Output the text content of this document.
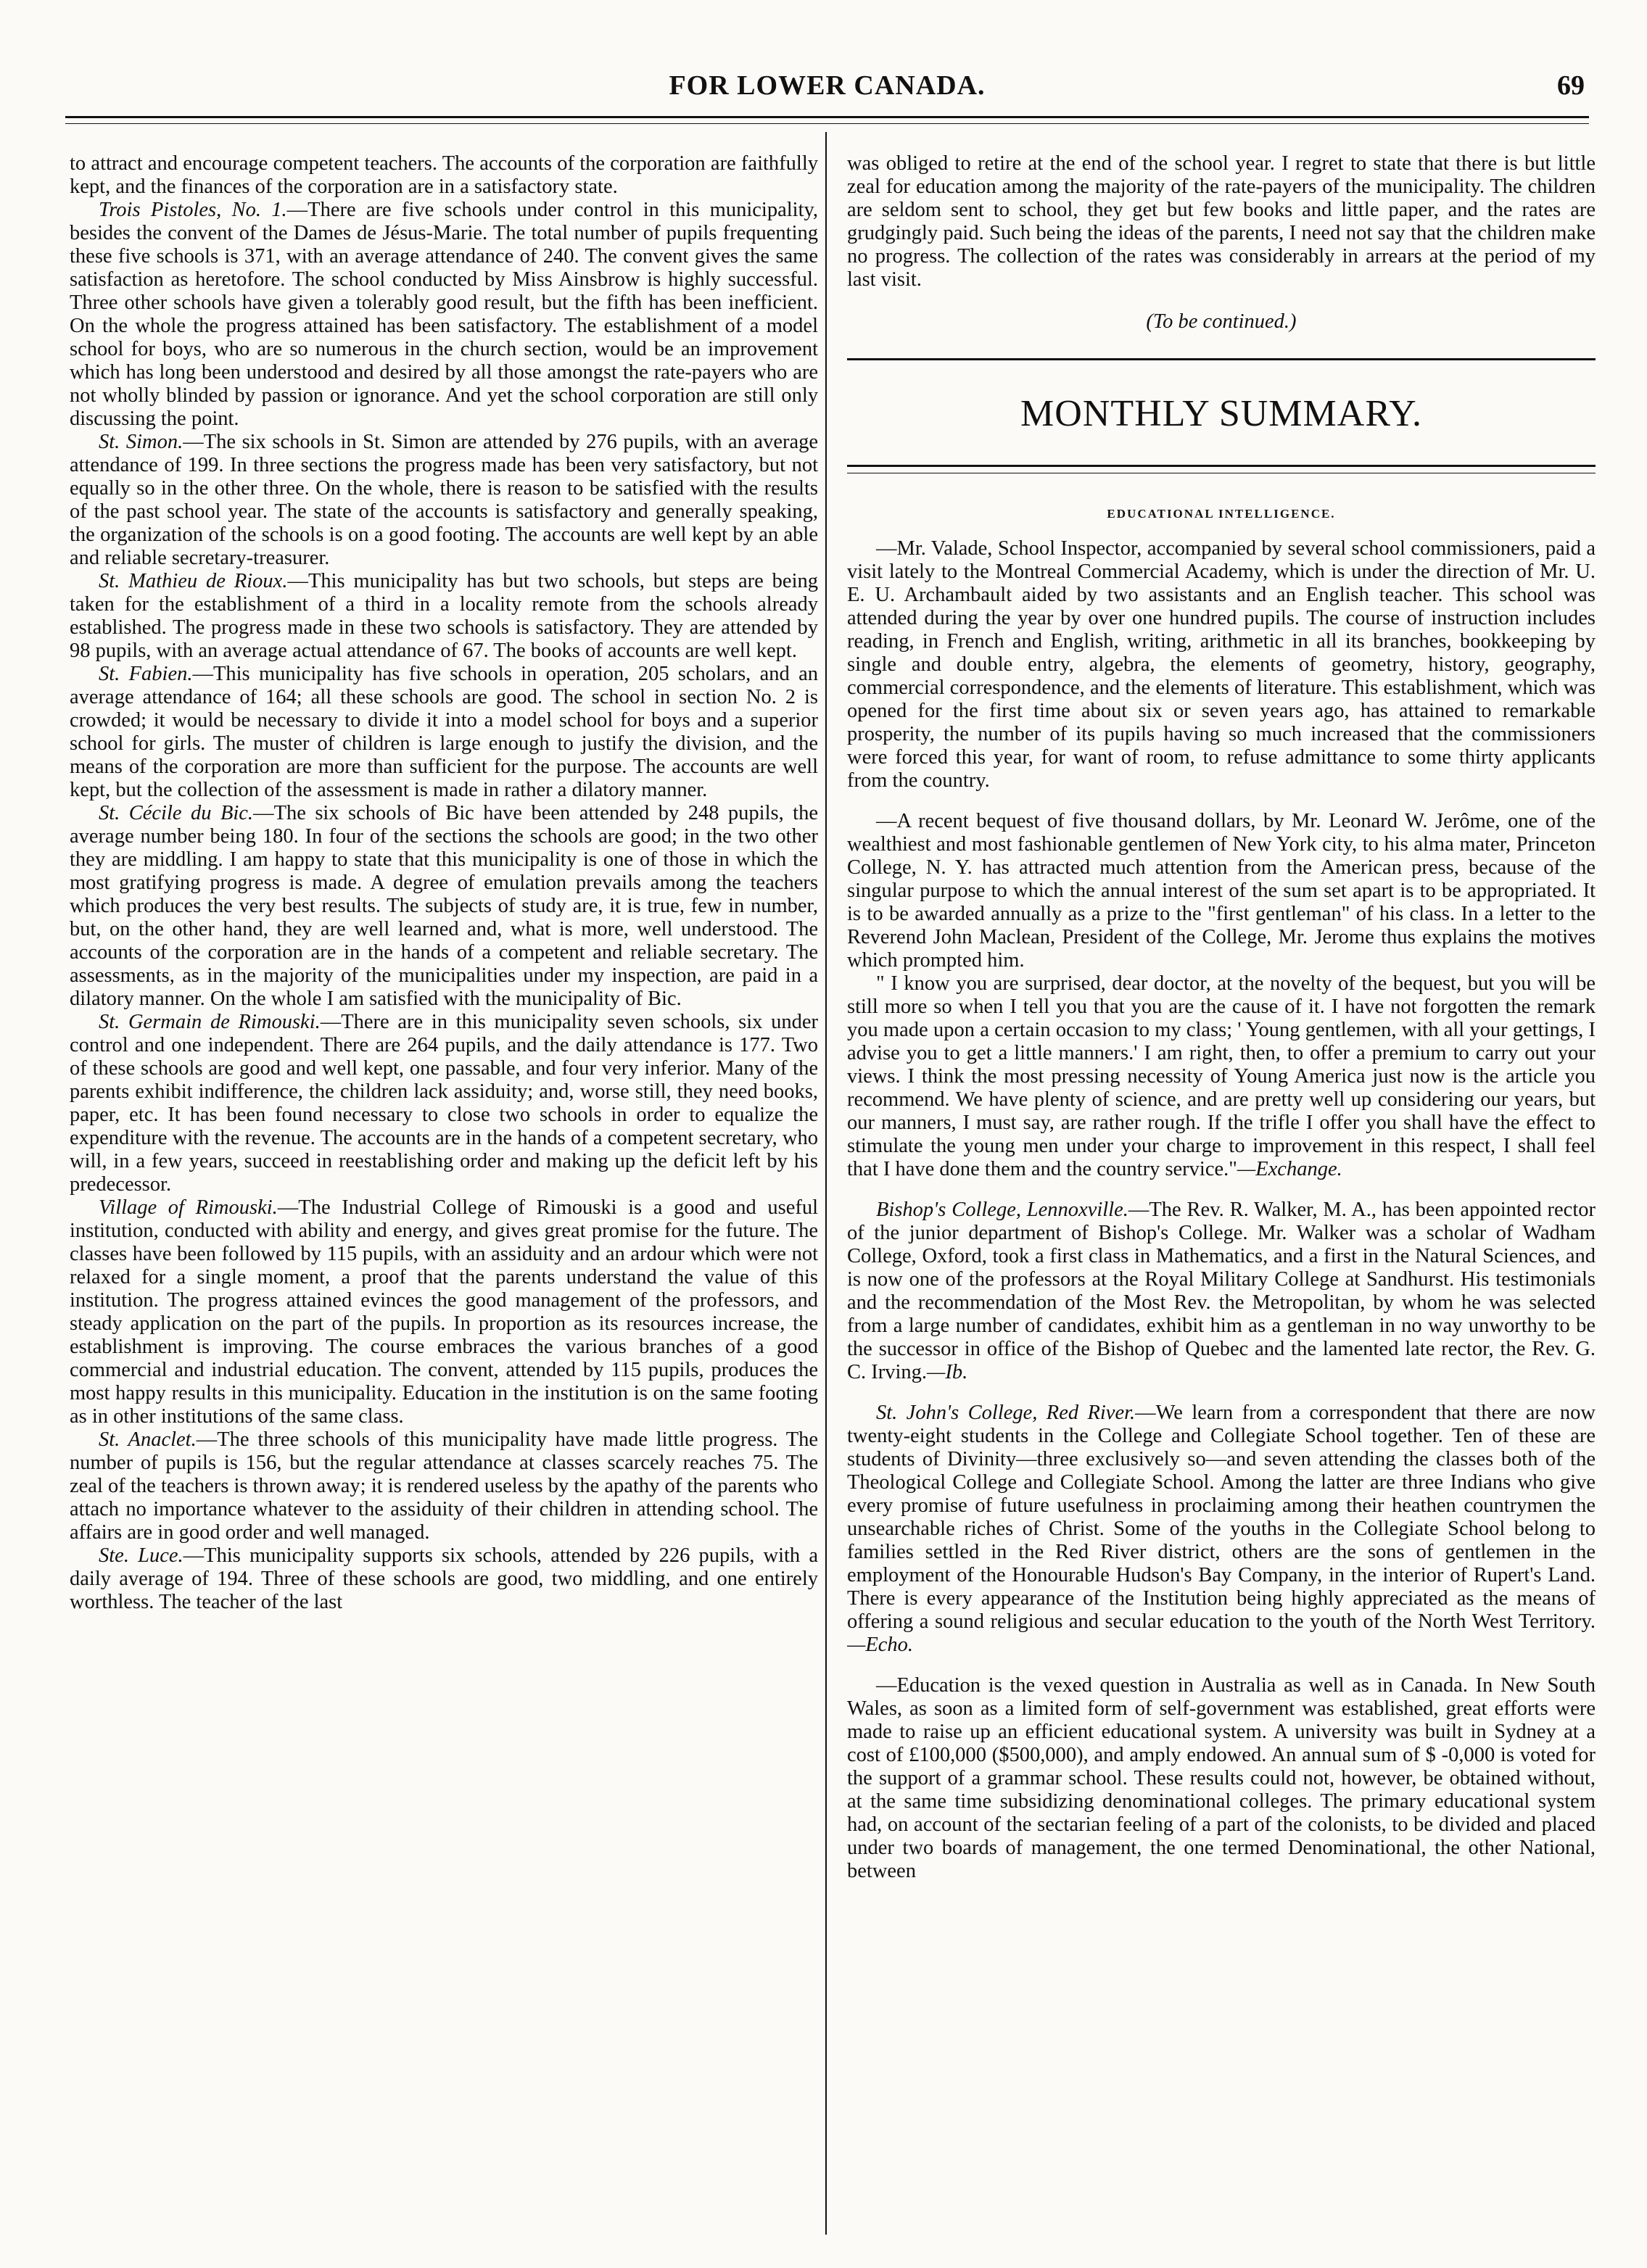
FOR LOWER CANADA.	69

to attract and encourage competent teachers. The accounts of the corporation are faithfully kept, and the finances of the corporation are in a satisfactory state.

Trois Pistoles, No. 1.—There are five schools under control in this municipality, besides the convent of the Dames de Jésus-Marie. The total number of pupils frequenting these five schools is 371, with an average attendance of 240. The convent gives the same satisfaction as heretofore. The school conducted by Miss Ainsbrow is highly successful. Three other schools have given a tolerably good result, but the fifth has been inefficient. On the whole the progress attained has been satisfactory. The establishment of a model school for boys, who are so numerous in the church section, would be an improvement which has long been understood and desired by all those amongst the rate-payers who are not wholly blinded by passion or ignorance. And yet the school corporation are still only discussing the point.

St. Simon.—The six schools in St. Simon are attended by 276 pupils, with an average attendance of 199. In three sections the progress made has been very satisfactory, but not equally so in the other three. On the whole, there is reason to be satisfied with the results of the past school year. The state of the accounts is satisfactory and generally speaking, the organization of the schools is on a good footing. The accounts are well kept by an able and reliable secretary-treasurer.

St. Mathieu de Rioux.—This municipality has but two schools, but steps are being taken for the establishment of a third in a locality remote from the schools already established. The progress made in these two schools is satisfactory. They are attended by 98 pupils, with an average actual attendance of 67. The books of accounts are well kept.

St. Fabien.—This municipality has five schools in operation, 205 scholars, and an average attendance of 164; all these schools are good. The school in section No. 2 is crowded; it would be necessary to divide it into a model school for boys and a superior school for girls. The muster of children is large enough to justify the division, and the means of the corporation are more than sufficient for the purpose. The accounts are well kept, but the collection of the assessment is made in rather a dilatory manner.

St. Cécile du Bic.—The six schools of Bic have been attended by 248 pupils, the average number being 180. In four of the sections the schools are good; in the two other they are middling. I am happy to state that this municipality is one of those in which the most gratifying progress is made. A degree of emulation prevails among the teachers which produces the very best results. The subjects of study are, it is true, few in number, but, on the other hand, they are well learned and, what is more, well understood. The accounts of the corporation are in the hands of a competent and reliable secretary. The assessments, as in the majority of the municipalities under my inspection, are paid in a dilatory manner. On the whole I am satisfied with the municipality of Bic.

St. Germain de Rimouski.—There are in this municipality seven schools, six under control and one independent. There are 264 pupils, and the daily attendance is 177. Two of these schools are good and well kept, one passable, and four very inferior. Many of the parents exhibit indifference, the children lack assiduity; and, worse still, they need books, paper, etc. It has been found necessary to close two schools in order to equalize the expenditure with the revenue. The accounts are in the hands of a competent secretary, who will, in a few years, succeed in reestablishing order and making up the deficit left by his predecessor.

Village of Rimouski.—The Industrial College of Rimouski is a good and useful institution, conducted with ability and energy, and gives great promise for the future. The classes have been followed by 115 pupils, with an assiduity and an ardour which were not relaxed for a single moment, a proof that the parents understand the value of this institution. The progress attained evinces the good management of the professors, and steady application on the part of the pupils. In proportion as its resources increase, the establishment is improving. The course embraces the various branches of a good commercial and industrial education. The convent, attended by 115 pupils, produces the most happy results in this municipality. Education in the institution is on the same footing as in other institutions of the same class.

St. Anaclet.—The three schools of this municipality have made little progress. The number of pupils is 156, but the regular attendance at classes scarcely reaches 75. The zeal of the teachers is thrown away; it is rendered useless by the apathy of the parents who attach no importance whatever to the assiduity of their children in attending school. The affairs are in good order and well managed.

Ste. Luce.—This municipality supports six schools, attended by 226 pupils, with a daily average of 194. Three of these schools are good, two middling, and one entirely worthless. The teacher of the last

was obliged to retire at the end of the school year. I regret to state that there is but little zeal for education among the majority of the rate-payers of the municipality. The children are seldom sent to school, they get but few books and little paper, and the rates are grudgingly paid. Such being the ideas of the parents, I need not say that the children make no progress. The collection of the rates was considerably in arrears at the period of my last visit.

(To be continued.)

MONTHLY SUMMARY.
EDUCATIONAL INTELLIGENCE.

—Mr. Valade, School Inspector, accompanied by several school commissioners, paid a visit lately to the Montreal Commercial Academy, which is under the direction of Mr. U. E. U. Archambault aided by two assistants and an English teacher. This school was attended during the year by over one hundred pupils. The course of instruction includes reading, in French and English, writing, arithmetic in all its branches, bookkeeping by single and double entry, algebra, the elements of geometry, history, geography, commercial correspondence, and the elements of literature. This establishment, which was opened for the first time about six or seven years ago, has attained to remarkable prosperity, the number of its pupils having so much increased that the commissioners were forced this year, for want of room, to refuse admittance to some thirty applicants from the country.

—A recent bequest of five thousand dollars, by Mr. Leonard W. Jerôme, one of the wealthiest and most fashionable gentlemen of New York city, to his alma mater, Princeton College, N. Y. has attracted much attention from the American press, because of the singular purpose to which the annual interest of the sum set apart is to be appropriated. It is to be awarded annually as a prize to the "first gentleman" of his class. In a letter to the Reverend John Maclean, President of the College, Mr. Jerome thus explains the motives which prompted him.

" I know you are surprised, dear doctor, at the novelty of the bequest, but you will be still more so when I tell you that you are the cause of it. I have not forgotten the remark you made upon a certain occasion to my class; ' Young gentlemen, with all your gettings, I advise you to get a little manners.' I am right, then, to offer a premium to carry out your views. I think the most pressing necessity of Young America just now is the article you recommend. We have plenty of science, and are pretty well up considering our years, but our manners, I must say, are rather rough. If the trifle I offer you shall have the effect to stimulate the young men under your charge to improvement in this respect, I shall feel that I have done them and the country service."—Exchange.

Bishop's College, Lennoxville.—The Rev. R. Walker, M. A., has been appointed rector of the junior department of Bishop's College. Mr. Walker was a scholar of Wadham College, Oxford, took a first class in Mathematics, and a first in the Natural Sciences, and is now one of the professors at the Royal Military College at Sandhurst. His testimonials and the recommendation of the Most Rev. the Metropolitan, by whom he was selected from a large number of candidates, exhibit him as a gentleman in no way unworthy to be the successor in office of the Bishop of Quebec and the lamented late rector, the Rev. G. C. Irving.—Ib.

St. John's College, Red River.—We learn from a correspondent that there are now twenty-eight students in the College and Collegiate School together. Ten of these are students of Divinity—three exclusively so—and seven attending the classes both of the Theological College and Collegiate School. Among the latter are three Indians who give every promise of future usefulness in proclaiming among their heathen countrymen the unsearchable riches of Christ. Some of the youths in the Collegiate School belong to families settled in the Red River district, others are the sons of gentlemen in the employment of the Honourable Hudson's Bay Company, in the interior of Rupert's Land. There is every appearance of the Institution being highly appreciated as the means of offering a sound religious and secular education to the youth of the North West Territory.—Echo.

—Education is the vexed question in Australia as well as in Canada. In New South Wales, as soon as a limited form of self-government was established, great efforts were made to raise up an efficient educational system. A university was built in Sydney at a cost of £100,000 ($500,000), and amply endowed. An annual sum of $ -0,000 is voted for the support of a grammar school. These results could not, however, be obtained without, at the same time subsidizing denominational colleges. The primary educational system had, on account of the sectarian feeling of a part of the colonists, to be divided and placed under two boards of management, the one termed Denominational, the other National, between
